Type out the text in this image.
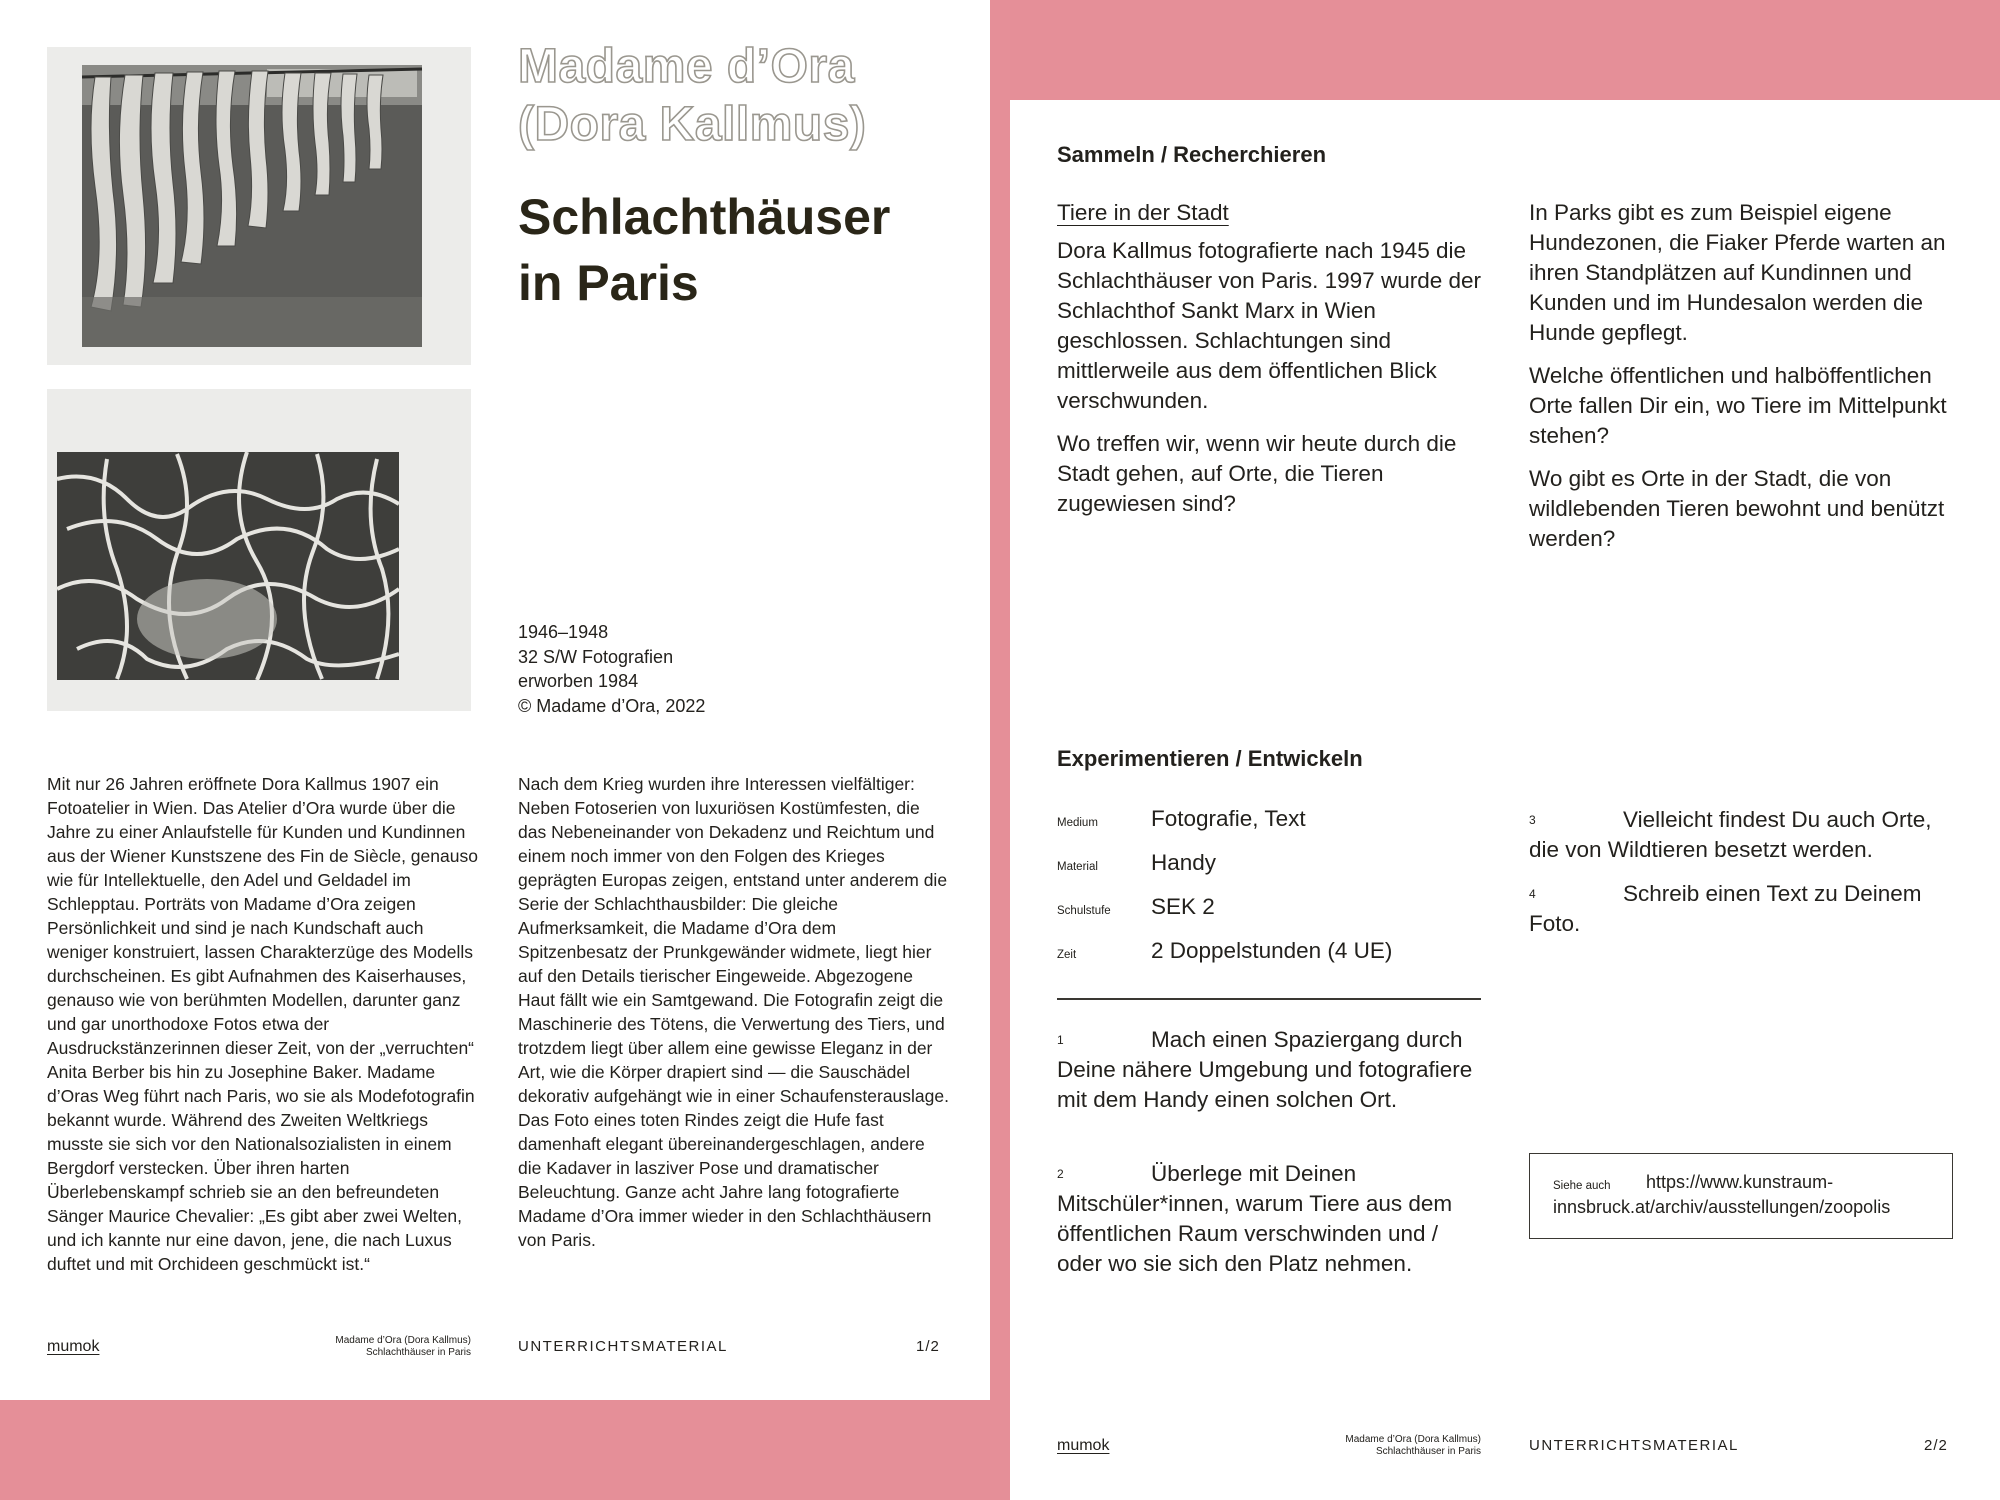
Madame d’Ora
(Dora Kallmus)
Schlachthäuser
in Paris
1946–1948
32 S/W Fotografien
erworben 1984
© Madame d’Ora, 2022

Mit nur 26 Jahren eröffnete Dora Kallmus 1907 ein Fotoatelier in Wien. Das Atelier d’Ora wurde über die Jahre zu einer Anlaufstelle für Kunden und Kundinnen aus der Wiener Kunstszene des Fin de Siècle, genauso wie für Intellektuelle, den Adel und Geldadel im Schlepptau. Porträts von Madame d’Ora zeigen Persönlichkeit und sind je nach Kundschaft auch weniger konstruiert, lassen Charakterzüge des Modells durchscheinen. Es gibt Aufnahmen des Kaiserhauses, genauso wie von berühmten Modellen, darunter ganz und gar unorthodoxe Fotos etwa der Ausdruckstänzerinnen dieser Zeit, von der „verruchten“ Anita Berber bis hin zu Josephine Baker. Madame d’Oras Weg führt nach Paris, wo sie als Modefotografin bekannt wurde. Während des Zweiten Weltkriegs musste sie sich vor den Nationalsozialisten in einem Bergdorf verstecken. Über ihren harten Überlebenskampf schrieb sie an den befreundeten Sänger Maurice Chevalier: „Es gibt aber zwei Welten, und ich kannte nur eine davon, jene, die nach Luxus duftet und mit Orchideen geschmückt ist.“

Nach dem Krieg wurden ihre Interessen vielfältiger: Neben Fotoserien von luxuriösen Kostümfesten, die das Nebeneinander von Dekadenz und Reichtum und einem noch immer von den Folgen des Krieges geprägten Europas zeigen, entstand unter anderem die Serie der Schlachthausbilder: Die gleiche Aufmerksamkeit, die Madame d’Ora dem Spitzenbesatz der Prunkgewänder widmete, liegt hier auf den Details tierischer Eingeweide. Abgezogene Haut fällt wie ein Samtgewand. Die Fotografin zeigt die Maschinerie des Tötens, die Verwertung des Tiers, und trotzdem liegt über allem eine gewisse Eleganz in der Art, wie die Körper drapiert sind — die Sauschädel dekorativ aufgehängt wie in einer Schaufensterauslage. Das Foto eines toten Rindes zeigt die Hufe fast damenhaft elegant übereinandergeschlagen, andere die Kadaver in lasziver Pose und dramatischer Beleuchtung. Ganze acht Jahre lang fotografierte Madame d’Ora immer wieder in den Schlachthäusern von Paris.

mumok	Madame d’Ora (Dora Kallmus)
Schlachthäuser in Paris	UNTERRICHTSMATERIAL	1/2
Sammeln / Recherchieren

Tiere in der Stadt

Dora Kallmus fotografierte nach 1945 die Schlachthäuser von Paris. 1997 wurde der Schlachthof Sankt Marx in Wien geschlossen. Schlachtungen sind mittlerweile aus dem öffentlichen Blick verschwunden.

Wo treffen wir, wenn wir heute durch die Stadt gehen, auf Orte, die Tieren zugewiesen sind?

In Parks gibt es zum Beispiel eigene Hundezonen, die Fiaker Pferde warten an ihren Standplätzen auf Kundinnen und Kunden und im Hundesalon werden die Hunde gepflegt.

Welche öffentlichen und halböffentlichen Orte fallen Dir ein, wo Tiere im Mittelpunkt stehen?

Wo gibt es Orte in der Stadt, die von wildlebenden Tieren bewohnt und benützt werden?

Experimentieren / Entwickeln
Medium	Fotografie, Text
Material	Handy
Schulstufe	SEK 2
Zeit	2 Doppelstunden (4 UE)
1	Mach einen Spaziergang durch Deine nähere Umgebung und fotografiere mit dem Handy einen solchen Ort.
2	Überlege mit Deinen Mitschüler*innen, warum Tiere aus dem öffentlichen Raum verschwinden und / oder wo sie sich den Platz nehmen.
3	Vielleicht findest Du auch Orte, die von Wildtieren besetzt werden.
4	Schreib einen Text zu Deinem Foto.
Siehe auch https://www.kunstraum-
innsbruck.at/archiv/ausstellungen/zoopolis
mumok	Madame d’Ora (Dora Kallmus)
Schlachthäuser in Paris	UNTERRICHTSMATERIAL	2/2
